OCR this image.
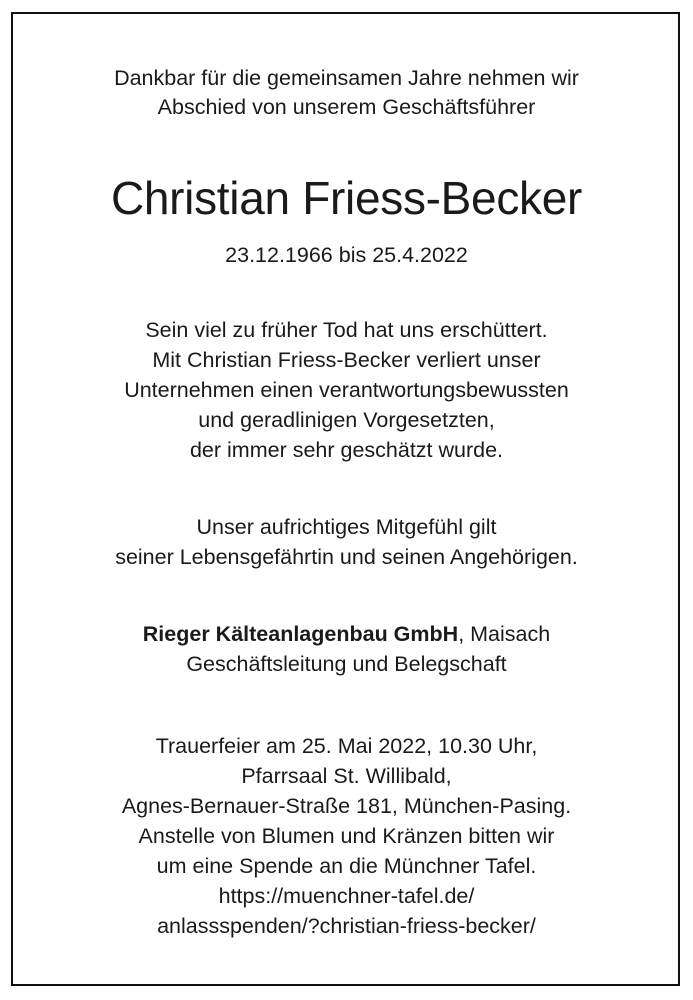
Dankbar für die gemeinsamen Jahre nehmen wir
Abschied von unserem Geschäftsführer
Christian Friess-Becker
23.12.1966 bis 25.4.2022
Sein viel zu früher Tod hat uns erschüttert.
Mit Christian Friess-Becker verliert unser
Unternehmen einen verantwortungsbewussten
und geradlinigen Vorgesetzten,
der immer sehr geschätzt wurde.
Unser aufrichtiges Mitgefühl gilt
seiner Lebensgefährtin und seinen Angehörigen.
Rieger Kälteanlagenbau GmbH, Maisach
Geschäftsleitung und Belegschaft
Trauerfeier am 25. Mai 2022, 10.30 Uhr,
Pfarrsaal St. Willibald,
Agnes-Bernauer-Straße 181, München-Pasing.
Anstelle von Blumen und Kränzen bitten wir
um eine Spende an die Münchner Tafel.
https://muenchner-tafel.de/
anlassspenden/?christian-friess-becker/
